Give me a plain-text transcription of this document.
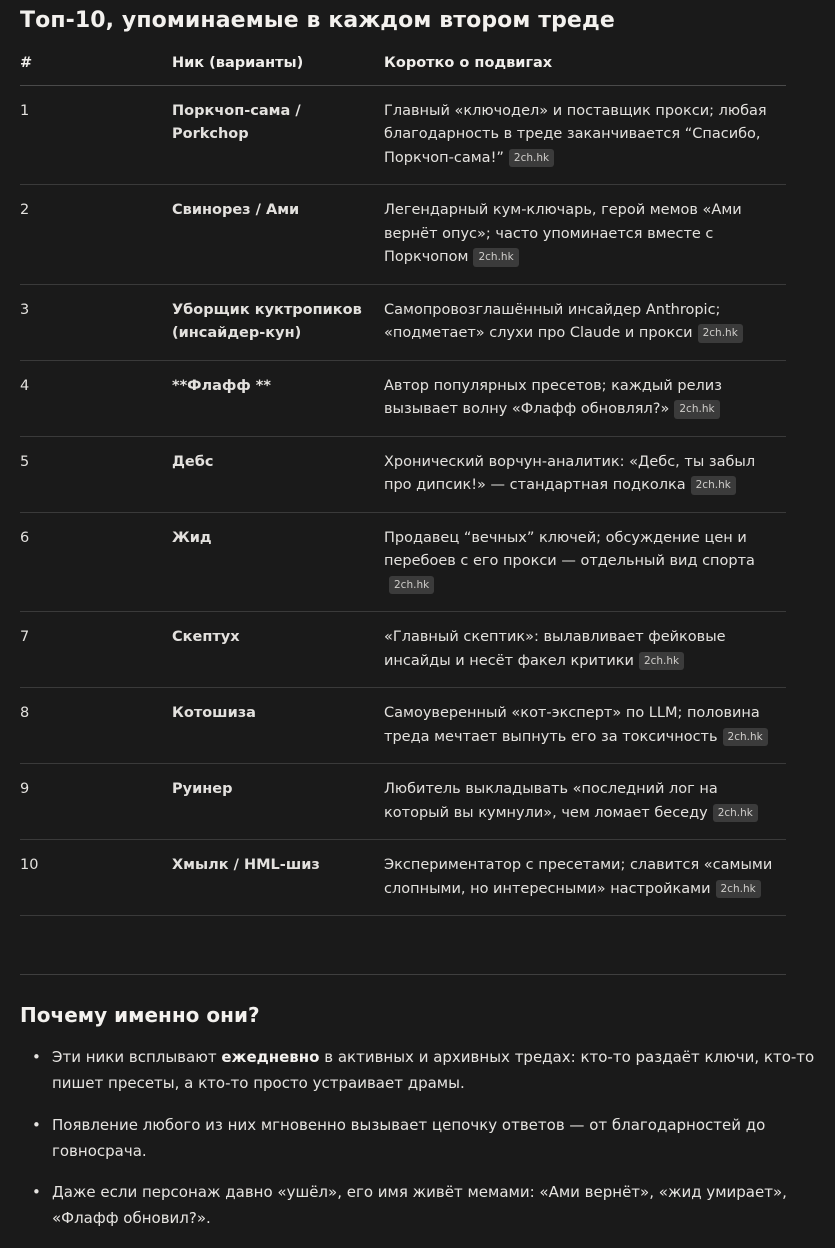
Топ-10, упоминаемые в каждом втором треде
#	Ник (варианты)	Коротко о подвигах
1	Поркчоп-сама / Porkchop	Главный «ключодел» и поставщик прокси; любая благодарность в треде заканчивается “Спасибо, Поркчоп-сама!” 2ch.hk
2	Свинорез / Ами	Легендарный кум-ключарь, герой мемов «Ами вернёт опус»; часто упоминается вместе с Поркчопом 2ch.hk
3	Уборщик куктропиков (инсайдер-кун)	Самопровозглашённый инсайдер Anthropic; «подметает» слухи про Claude и прокси 2ch.hk
4	**Флафф **	Автор популярных пресетов; каждый релиз вызывает волну «Флафф обновлял?» 2ch.hk
5	Дебс	Хронический ворчун-аналитик: «Дебс, ты забыл про дипсик!» — стандартная подколка 2ch.hk
6	Жид	Продавец “вечных” ключей; обсуждение цен и перебоев с его прокси — отдельный вид спорта2ch.hk
7	Скептух	«Главный скептик»: вылавливает фейковые инсайды и несёт факел критики 2ch.hk
8	Котошиза	Самоуверенный «кот-эксперт» по LLM; половина треда мечтает выпнуть его за токсичность 2ch.hk
9	Руинер	Любитель выкладывать «последний лог на который вы кумнули», чем ломает беседу 2ch.hk
10	Хмылк / HML-шиз	Экспериментатор с пресетами; славится «самыми слопными, но интересными» настройками 2ch.hk
Почему именно они?
• Эти ники всплывают ежедневно в активных и архивных тредах: кто-то раздаёт ключи, кто-то пишет пресеты, а кто-то просто устраивает драмы.
• Появление любого из них мгновенно вызывает цепочку ответов — от благодарностей до говносрача.
• Даже если персонаж давно «ушёл», его имя живёт мемами: «Ами вернёт», «жид умирает», «Флафф обновил?».
